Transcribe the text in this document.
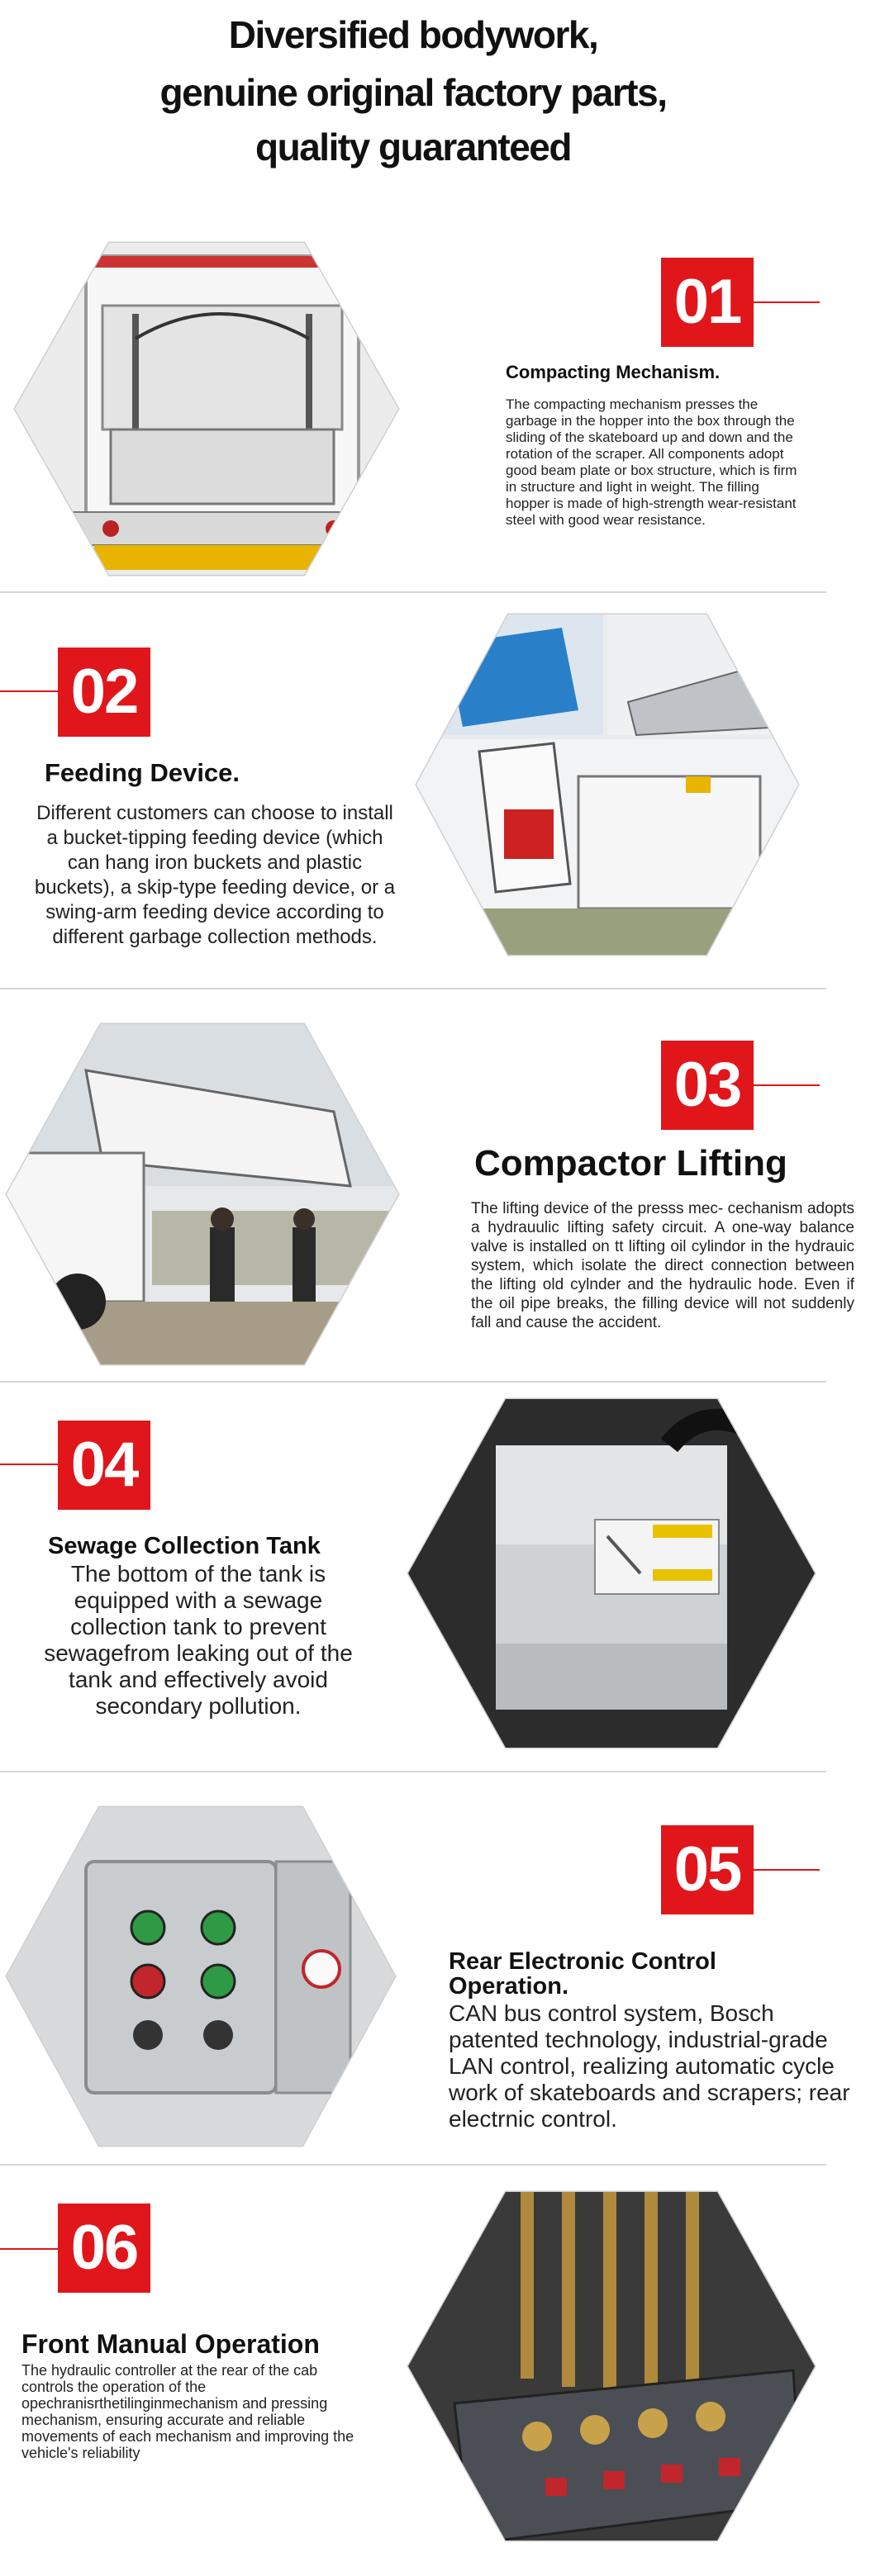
Diversified bodywork,
genuine original factory parts,
quality guaranteed
01
Compacting Mechanism.
The compacting mechanism presses the garbage in the hopper into the box through the sliding of the skateboard up and down and the rotation of the scraper. All components adopt good beam plate or box structure, which is firm in structure and light in weight. The filling hopper is made of high-strength wear-resistant steel with good wear resistance.
02
Feeding Device.
Different customers can choose to install a bucket-tipping feeding device (which can hang iron buckets and plastic buckets), a skip-type feeding device, or a swing-arm feeding device according to different garbage collection methods.
03
Compactor Lifting
The lifting device of the presss mec- cechanism adopts a hydrauulic lifting safety circuit. A one-way balance valve is installed on tt lifting oil cylindor in the hydrauic system, which isolate the direct connection between the lifting old cylnder and the hydraulic hode. Even if the oil pipe breaks, the filling device will not suddenly fall and cause the accident.
04
Sewage Collection Tank
The bottom of the tank is equipped with a sewage collection tank to prevent sewagefrom leaking out of the tank and effectively avoid secondary pollution.
05
Rear Electronic Control Operation.
CAN bus control system, Bosch patented technology, industrial-grade LAN control, realizing automatic cycle work of skateboards and scrapers; rear electrnic control.
06
Front Manual Operation
The hydraulic controller at the rear of the cab controls the operation of the opechranisrthetilinginmechanism and pressing mechanism, ensuring accurate and reliable movements of each mechanism and improving the vehicle's reliability
